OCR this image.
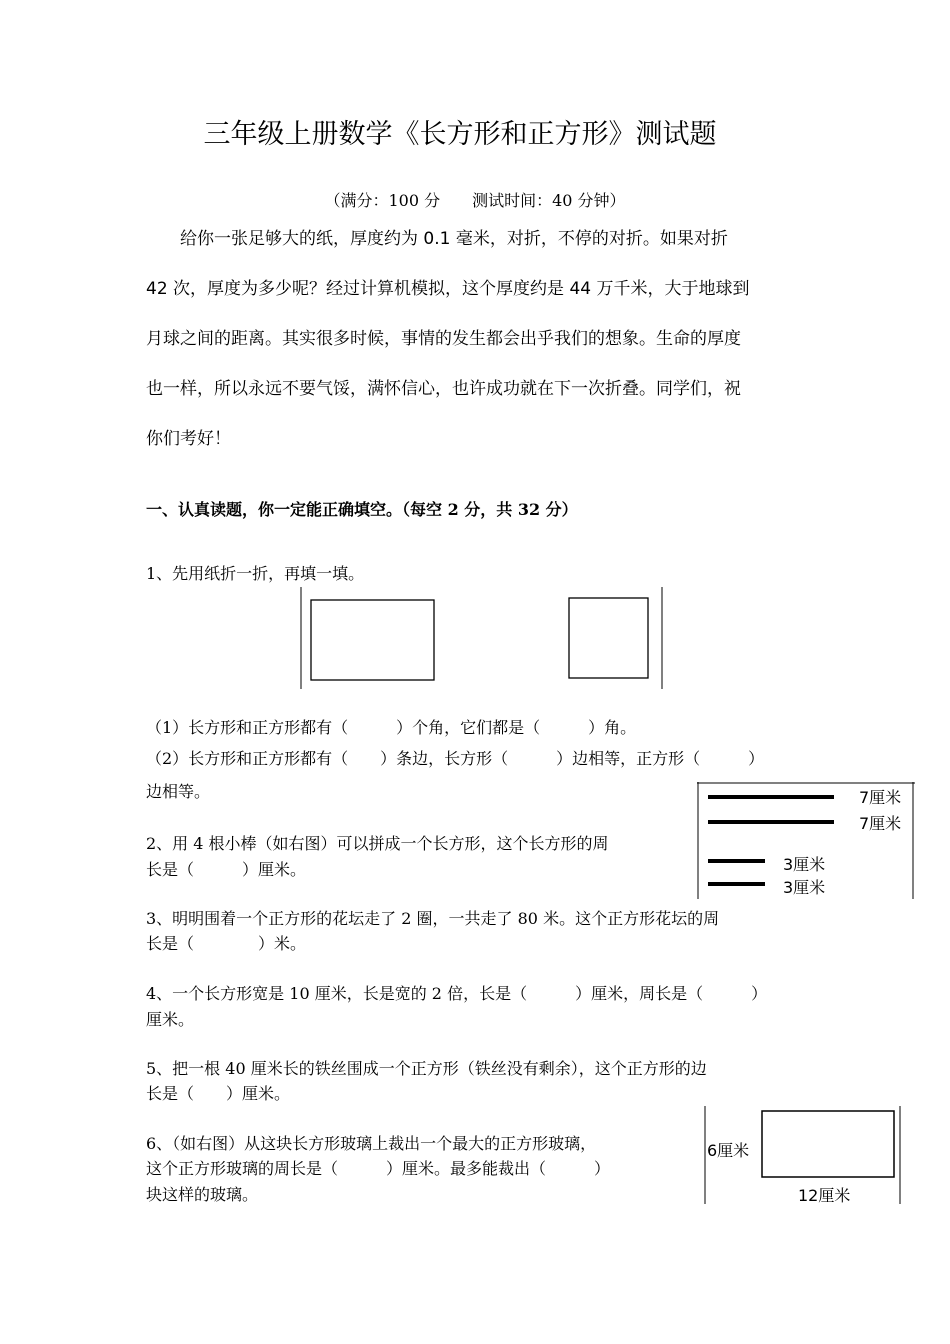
三年级上册数学《长方形和正方形》测试题
（满分：100 分　　测试时间：40 分钟）
给你一张足够大的纸，厚度约为 0.1 毫米，对折，不停的对折。如果对折
42 次，厚度为多少呢？经过计算机模拟，这个厚度约是 44 万千米，大于地球到
月球之间的距离。其实很多时候，事情的发生都会出乎我们的想象。生命的厚度
也一样，所以永远不要气馁，满怀信心，也许成功就在下一次折叠。同学们，祝
你们考好！
一、认真读题，你一定能正确填空。（每空 2 分，共 32 分）
1、先用纸折一折，再填一填。
（1）长方形和正方形都有（　　　）个角，它们都是（　　　）角。
（2）长方形和正方形都有（　　）条边，长方形（　　　）边相等，正方形（　　　）
边相等。
2、用 4 根小棒（如右图）可以拼成一个长方形，这个长方形的周
长是（　　　）厘米。
7厘米
7厘米
3厘米
3厘米
3、明明围着一个正方形的花坛走了 2 圈，一共走了 80 米。这个正方形花坛的周
长是（　　　　）米。
4、一个长方形宽是 10 厘米，长是宽的 2 倍，长是（　　　）厘米，周长是（　　　）
厘米。
5、把一根 40 厘米长的铁丝围成一个正方形（铁丝没有剩余），这个正方形的边
长是（　　）厘米。
6、（如右图）从这块长方形玻璃上裁出一个最大的正方形玻璃，
这个正方形玻璃的周长是（　　　）厘米。最多能裁出（　　　）
块这样的玻璃。
6厘米
12厘米
